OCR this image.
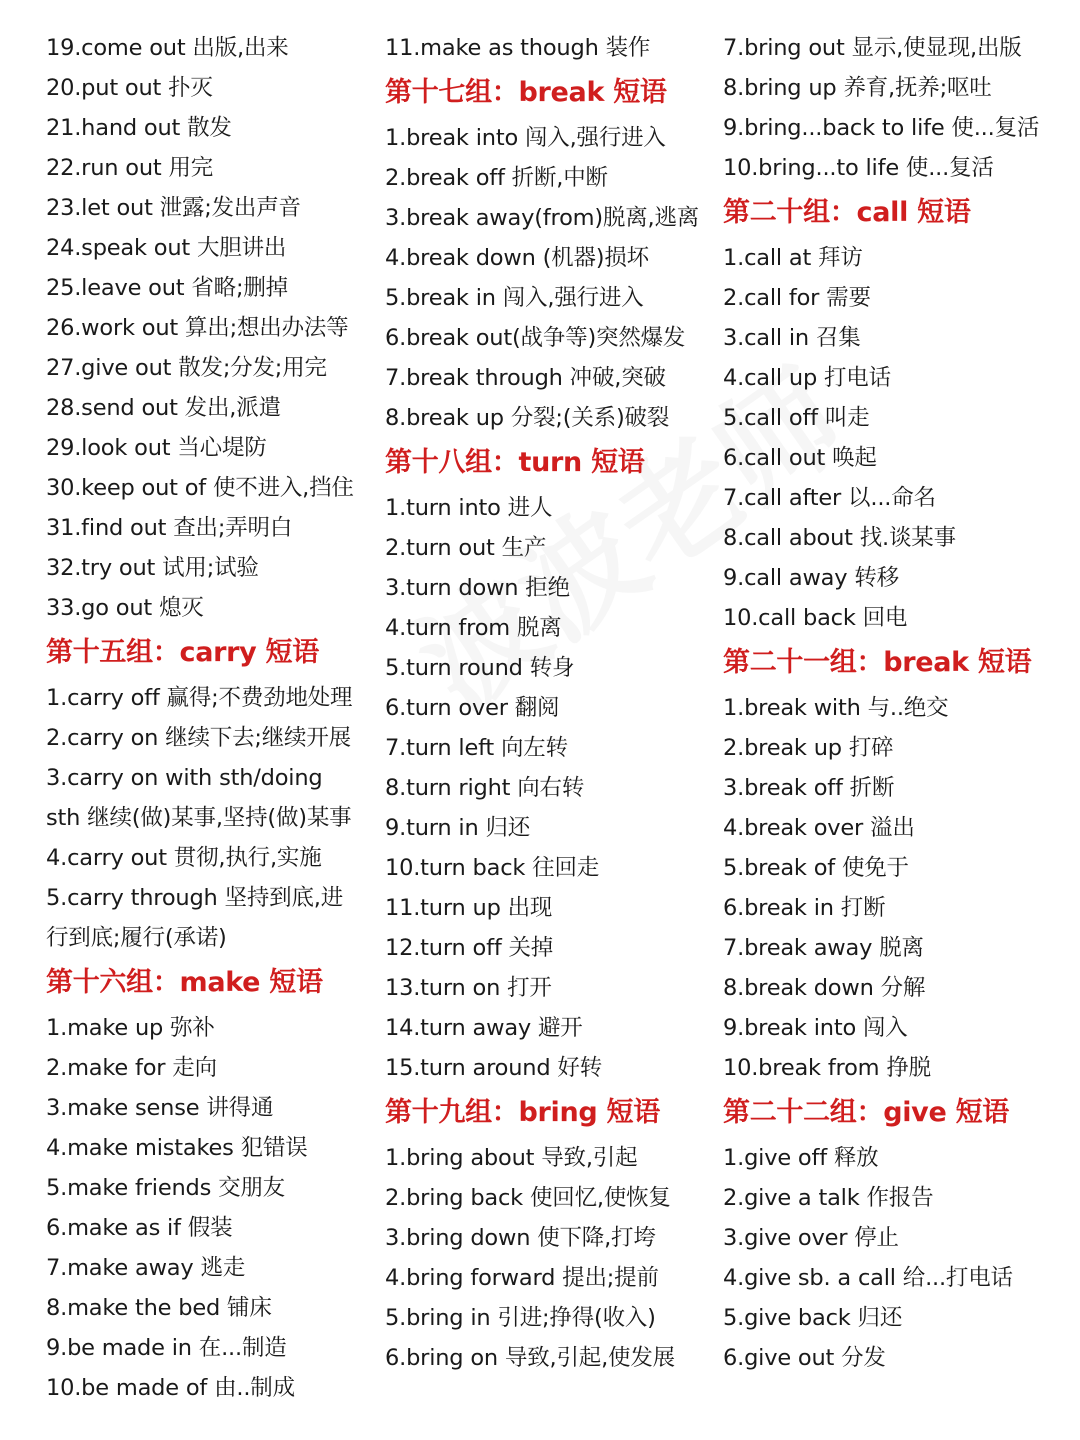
19.come out 出版,出来
20.put out 扑灭
21.hand out 散发
22.run out 用完
23.let out 泄露;发出声音
24.speak out 大胆讲出
25.leave out 省略;删掉
26.work out 算出;想出办法等
27.give out 散发;分发;用完
28.send out 发出,派遣
29.look out 当心堤防
30.keep out of 使不进入,挡住
31.find out 查出;弄明白
32.try out 试用;试验
33.go out 熄灭
第十五组：carry 短语
1.carry off 赢得;不费劲地处理
2.carry on 继续下去;继续开展
3.carry on with sth/doing
sth 继续(做)某事,坚持(做)某事
4.carry out 贯彻,执行,实施
5.carry through 坚持到底,进
行到底;履行(承诺)
第十六组：make 短语
1.make up 弥补
2.make for 走向
3.make sense 讲得通
4.make mistakes 犯错误
5.make friends 交朋友
6.make as if 假装
7.make away 逃走
8.make the bed 铺床
9.be made in 在...制造
10.be made of 由..制成
11.make as though 装作
第十七组：break 短语
1.break into 闯入,强行进入
2.break off 折断,中断
3.break away(from)脱离,逃离
4.break down (机器)损坏
5.break in 闯入,强行进入
6.break out(战争等)突然爆发
7.break through 冲破,突破
8.break up 分裂;(关系)破裂
第十八组：turn 短语
1.turn into 进人
2.turn out 生产
3.turn down 拒绝
4.turn from 脱离
5.turn round 转身
6.turn over 翻阅
7.turn left 向左转
8.turn right 向右转
9.turn in 归还
10.turn back 往回走
11.turn up 出现
12.turn off 关掉
13.turn on 打开
14.turn away 避开
15.turn around 好转
第十九组：bring 短语
1.bring about 导致,引起
2.bring back 使回忆,使恢复
3.bring down 使下降,打垮
4.bring forward 提出;提前
5.bring in 引进;挣得(收入)
6.bring on 导致,引起,使发展
7.bring out 显示,使显现,出版
8.bring up 养育,抚养;呕吐
9.bring...back to life 使...复活
10.bring...to life 使...复活
第二十组：call 短语
1.call at 拜访
2.call for 需要
3.call in 召集
4.call up 打电话
5.call off 叫走
6.call out 唤起
7.call after 以...命名
8.call about 找.谈某事
9.call away 转移
10.call back 回电
第二十一组：break 短语
1.break with 与..绝交
2.break up 打碎
3.break off 折断
4.break over 溢出
5.break of 使免于
6.break in 打断
7.break away 脱离
8.break down 分解
9.break into 闯入
10.break from 挣脱
第二十二组：give 短语
1.give off 释放
2.give a talk 作报告
3.give over 停止
4.give sb. a call 给...打电话
5.give back 归还
6.give out 分发
